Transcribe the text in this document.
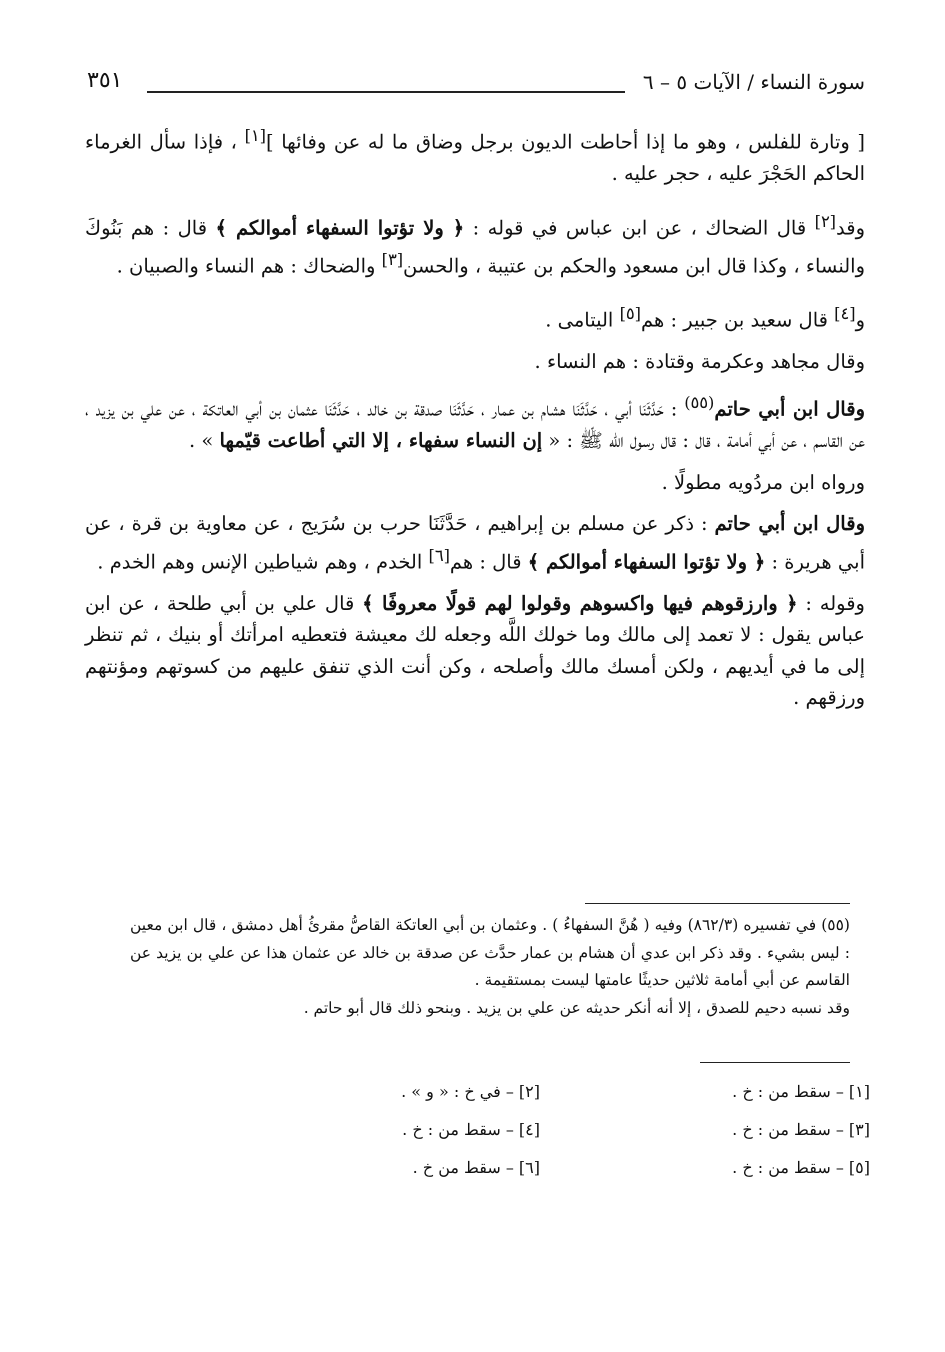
سورة النساء / الآيات ٥ – ٦
٣٥١

[ وتارة للفلس ، وهو ما إذا أحاطت الديون برجل وضاق ما له عن وفائها ][١] ، فإذا سأل الغرماء الحاكم الحَجْرَ عليه ، حجر عليه .

وقد[٢] قال الضحاك ، عن ابن عباس في قوله : ﴿ ولا تؤتوا السفهاء أموالكم ﴾ قال : هم بَنُوكَ والنساء ، وكذا قال ابن مسعود والحكم بن عتيبة ، والحسن[٣] والضحاك : هم النساء والصبيان .

و[٤] قال سعيد بن جبير : هم[٥] اليتامى .

وقال مجاهد وعكرمة وقتادة : هم النساء .

وقال ابن أبي حاتم$^{(٥٥)}$ : حَدَّثَنَا أبي ، حَدَّثَنَا هشام بن عمار ، حَدَّثَنَا صدقة بن خالد ، حَدَّثَنَا عثمان بن أبي العاتكة ، عن علي بن يزيد ، عن القاسم ، عن أبي أمامة ، قال : قال رسول الله ﷺ : « إن النساء سفهاء ، إلا التي أطاعت قيّمها » .

ورواه ابن مردُويه مطولًا .

وقال ابن أبي حاتم : ذكر عن مسلم بن إبراهيم ، حَدَّثَنَا حرب بن سُرَيج ، عن معاوية بن قرة ، عن أبي هريرة : ﴿ ولا تؤتوا السفهاء أموالكم ﴾ قال : هم[٦] الخدم ، وهم شياطين الإنس وهم الخدم .

وقوله : ﴿ وارزقوهم فيها واكسوهم وقولوا لهم قولًا معروفًا ﴾ قال علي بن أبي طلحة ، عن ابن عباس يقول : لا تعمد إلى مالك وما خولك اللَّه وجعله لك معيشة فتعطيه امرأتك أو بنيك ، ثم تنظر إلى ما في أيديهم ، ولكن أمسك مالك وأصلحه ، وكن أنت الذي تنفق عليهم من كسوتهم ومؤنتهم ورزقهم .

(٥٥) في تفسيره (٨٦٢/٣) وفيه ( هُنَّ السفهاءُ ) . وعثمان بن أبي العاتكة القاصُّ مقرئُ أهل دمشق ، قال ابن معين : ليس بشيء . وقد ذكر ابن عدي أن هشام بن عمار حدَّث عن صدقة بن خالد عن عثمان هذا عن علي بن يزيد عن القاسم عن أبي أمامة ثلاثين حديثًا عامتها ليست بمستقيمة .

وقد نسبه دحيم للصدق ، إلا أنه أنكر حديثه عن علي بن يزيد . وبنحو ذلك قال أبو حاتم .

[١] – سقط من : خ .
[٢] – في خ : « و » .
[٣] – سقط من : خ .
[٤] – سقط من : خ .
[٥] – سقط من : خ .
[٦] – سقط من خ .
